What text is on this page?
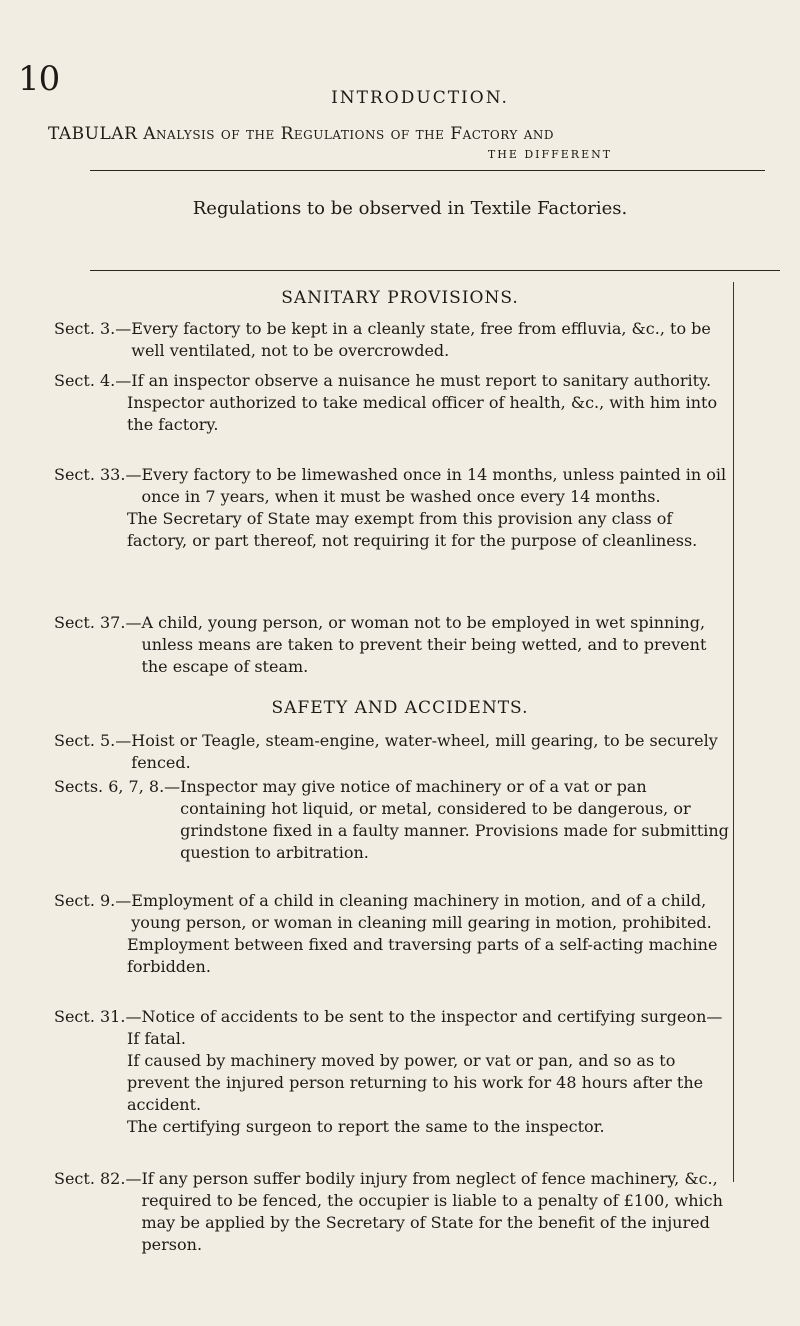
10	INTRODUCTION.
TABULAR Analysis of the Regulations of the Factory and
THE DIFFERENT
Regulations to be observed in Textile Factories.
SANITARY PROVISIONS.
Sect. 3.— Every factory to be kept in a cleanly state, free from effluvia, &c., to be well ventilated, not to be overcrowded.
Sect. 4.— If an inspector observe a nuisance he must report to sanitary authority.
Inspector authorized to take medical officer of health, &c., with him into the factory.
Sect. 33.— Every factory to be limewashed once in 14 months, unless painted in oil once in 7 years, when it must be washed once every 14 months.
The Secretary of State may exempt from this provision any class of factory, or part thereof, not requiring it for the purpose of cleanliness.
Sect. 37.— A child, young person, or woman not to be employed in wet spinning, unless means are taken to prevent their being wetted, and to prevent the escape of steam.
SAFETY AND ACCIDENTS.
Sect. 5.— Hoist or Teagle, steam-engine, water-wheel, mill gearing, to be securely fenced.
Sects. 6, 7, 8.— Inspector may give notice of machinery or of a vat or pan containing hot liquid, or metal, considered to be dangerous, or grindstone fixed in a faulty manner. Provisions made for submitting question to arbitration.
Sect. 9.— Employment of a child in cleaning machinery in motion, and of a child, young person, or woman in cleaning mill gearing in motion, prohibited.
Employment between fixed and traversing parts of a self-acting machine forbidden.
Sect. 31.— Notice of accidents to be sent to the inspector and certifying surgeon—
If fatal.
If caused by machinery moved by power, or vat or pan, and so as to prevent the injured person returning to his work for 48 hours after the accident.
The certifying surgeon to report the same to the inspector.
Sect. 82.— If any person suffer bodily injury from neglect of fence machinery, &c., required to be fenced, the occupier is liable to a penalty of £100, which may be applied by the Secretary of State for the benefit of the injured person.
